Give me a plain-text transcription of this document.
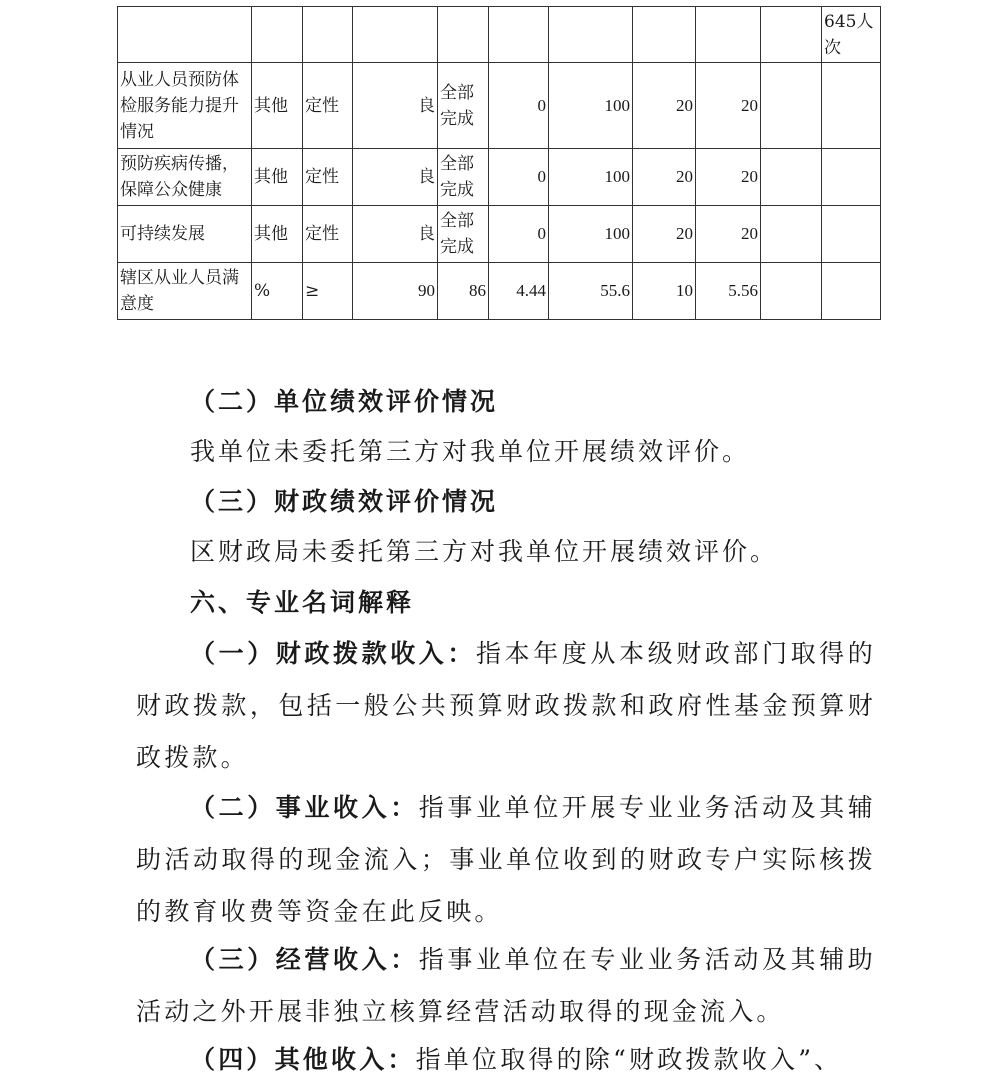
										645人次
从业人员预防体检服务能力提升情况	其他	定性	良	全部完成	0	100	20	20		
预防疾病传播，保障公众健康	其他	定性	良	全部完成	0	100	20	20		
可持续发展	其他	定性	良	全部完成	0	100	20	20		
辖区从业人员满意度	%	≥	90	86	4.44	55.6	10	5.56		
（二）单位绩效评价情况
我单位未委托第三方对我单位开展绩效评价。
（三）财政绩效评价情况
区财政局未委托第三方对我单位开展绩效评价。
六、专业名词解释
（一）财政拨款收入：指本年度从本级财政部门取得的财政拨款，包括一般公共预算财政拨款和政府性基金预算财政拨款。
（二）事业收入：指事业单位开展专业业务活动及其辅助活动取得的现金流入；事业单位收到的财政专户实际核拨的教育收费等资金在此反映。
（三）经营收入：指事业单位在专业业务活动及其辅助活动之外开展非独立核算经营活动取得的现金流入。
（四）其他收入：指单位取得的除“财政拨款收入”、
